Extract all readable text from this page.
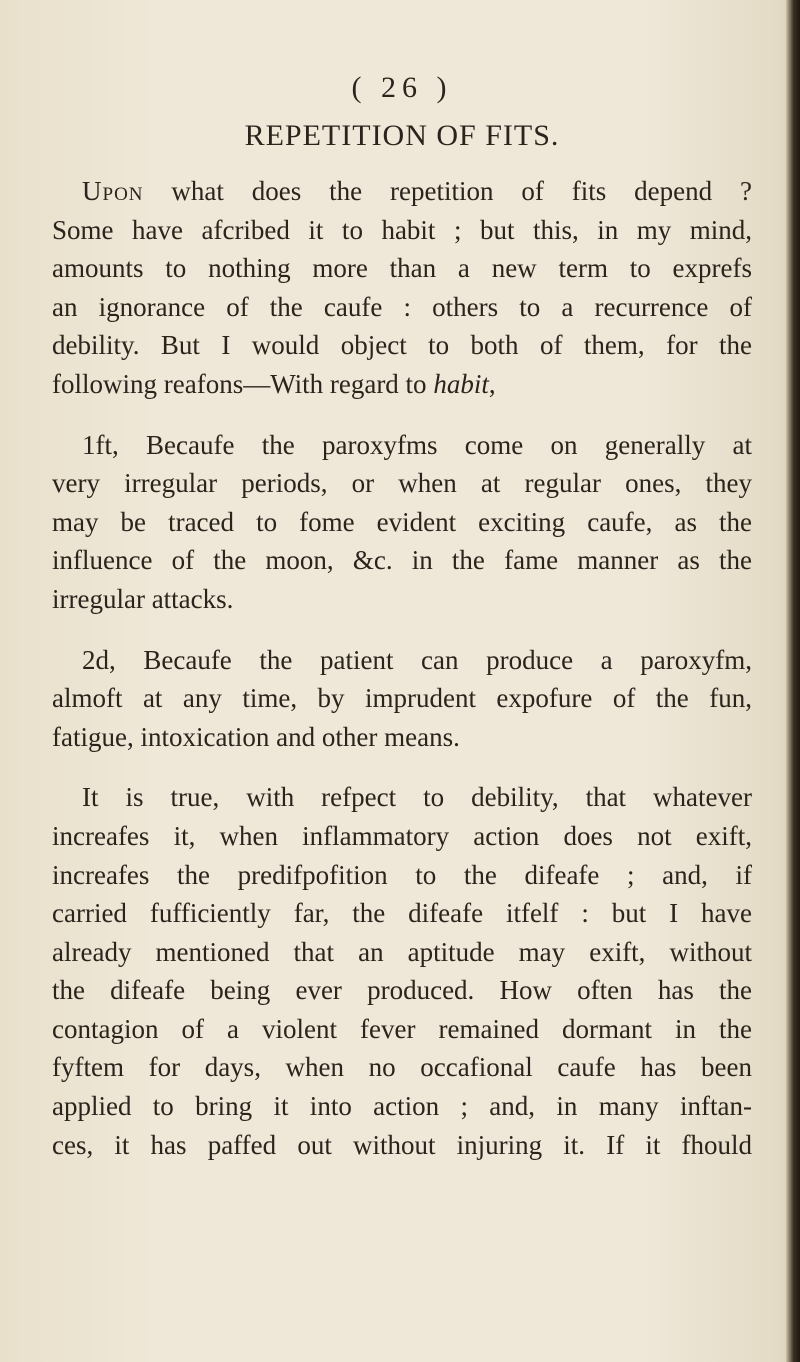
( 26 )
REPETITION OF FITS.
Upon what does the repetition of fits depend ?
Some have afcribed it to habit ; but this, in my mind,
amounts to nothing more than a new term to exprefs
an ignorance of the caufe : others to a recurrence of
debility. But I would object to both of them, for the
following reafons—With regard to habit,
1ft, Becaufe the paroxyfms come on generally at
very irregular periods, or when at regular ones, they
may be traced to fome evident exciting caufe, as the
influence of the moon, &c. in the fame manner as the
irregular attacks.
2d, Becaufe the patient can produce a paroxyfm,
almoft at any time, by imprudent expofure of the fun,
fatigue, intoxication and other means.
It is true, with refpect to debility, that whatever
increafes it, when inflammatory action does not exift,
increafes the predifpofition to the difeafe ; and, if
carried fufficiently far, the difeafe itfelf : but I have
already mentioned that an aptitude may exift, without
the difeafe being ever produced. How often has the
contagion of a violent fever remained dormant in the
fyftem for days, when no occafional caufe has been
applied to bring it into action ; and, in many inftan-
ces, it has paffed out without injuring it. If it fhould
